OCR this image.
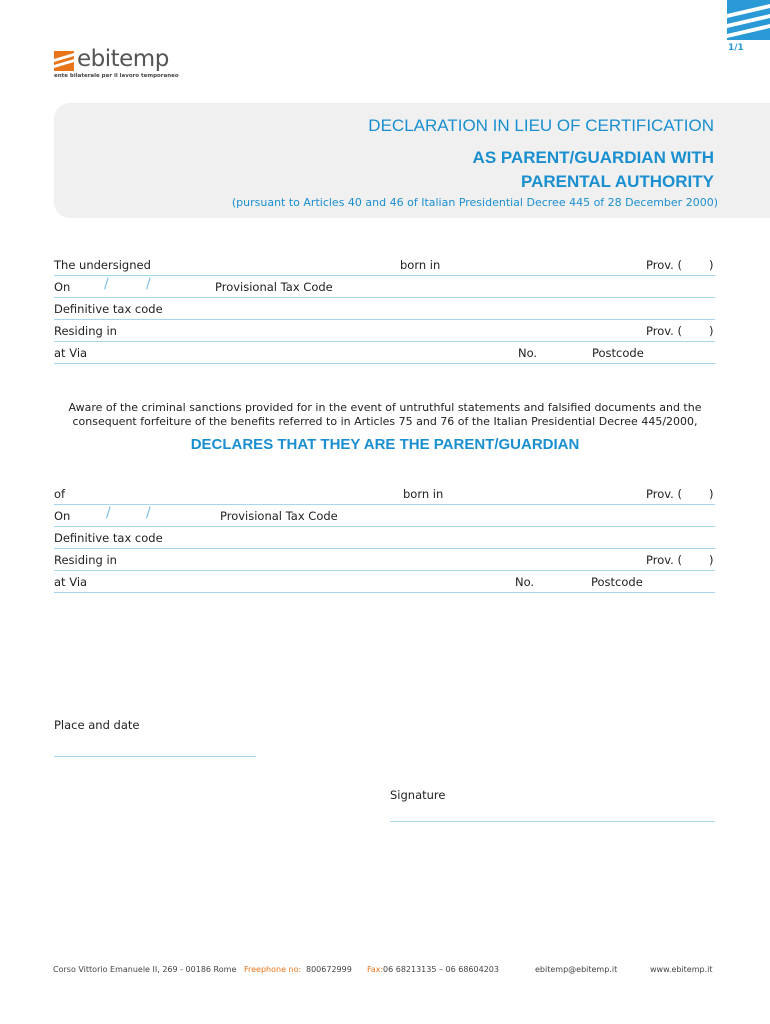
1/1
ebitemp
ente bilaterale per il lavoro temporaneo
DECLARATION IN LIEU OF CERTIFICATION
AS PARENT/GUARDIAN WITH
PARENTAL AUTHORITY
(pursuant to Articles 40 and 46 of Italian Presidential Decree 445 of 28 December 2000)
The undersigned	born in	Prov. ( )
On /	/	Provisional Tax Code
Definitive tax code
Residing in	Prov. ( )
at Via	No.	Postcode
Aware of the criminal sanctions provided for in the event of untruthful statements and falsified documents and the consequent forfeiture of the benefits referred to in Articles 75 and 76 of the Italian Presidential Decree 445/2000,
DECLARES THAT THEY ARE THE PARENT/GUARDIAN
of	born in	Prov. ( )
On	/	/	Provisional Tax Code
Definitive tax code
Residing in	Prov. ( )
at Via	No.	Postcode
Place and date
Signature
Corso Vittorio Emanuele II, 269 - 00186 Rome Freephone no: 800672999 Fax: 06 68213135 – 06 68604203	ebitemp@ebitemp.it	www.ebitemp.it
